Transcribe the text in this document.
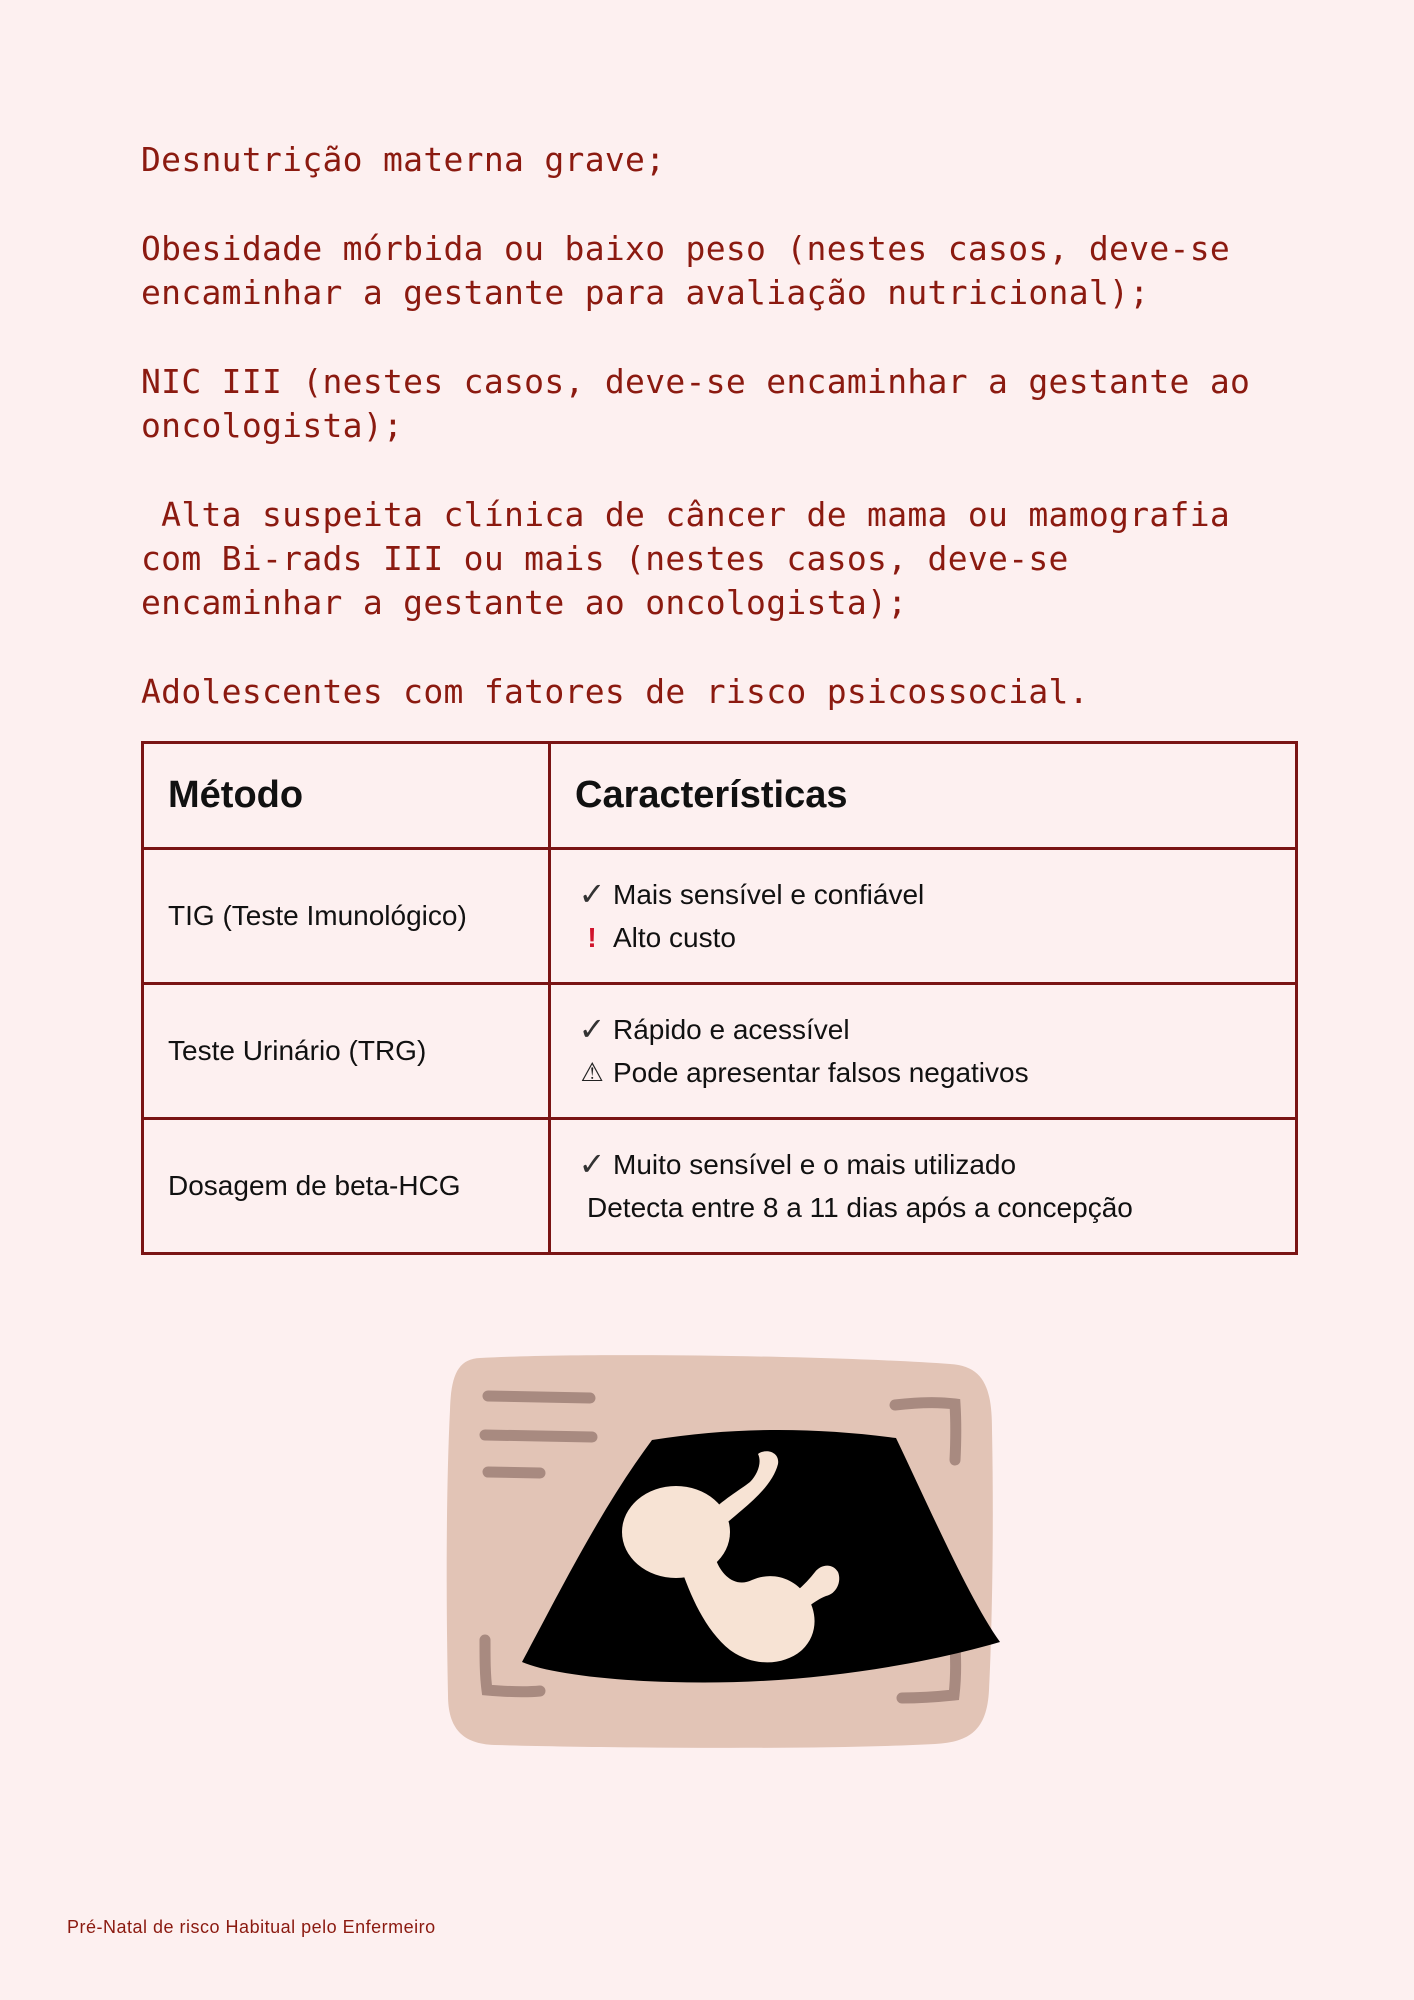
Desnutrição materna grave;

Obesidade mórbida ou baixo peso (nestes casos, deve-se encaminhar a gestante para avaliação nutricional);

NIC III (nestes casos, deve-se encaminhar a gestante ao oncologista);

Alta suspeita clínica de câncer de mama ou mamografia com Bi-rads III ou mais (nestes casos, deve-se encaminhar a gestante ao oncologista);

Adolescentes com fatores de risco psicossocial.

Método	Características
TIG (Teste Imunológico)	✓ Mais sensível e confiável
! Alto custo

Teste Urinário (TRG)	✓ Rápido e acessível
⚠ Pode apresentar falsos negativos

Dosagem de beta-HCG	✓ Muito sensível e o mais utilizado
Detecta entre 8 a 11 dias após a concepção
Pré-Natal de risco Habitual pelo Enfermeiro
